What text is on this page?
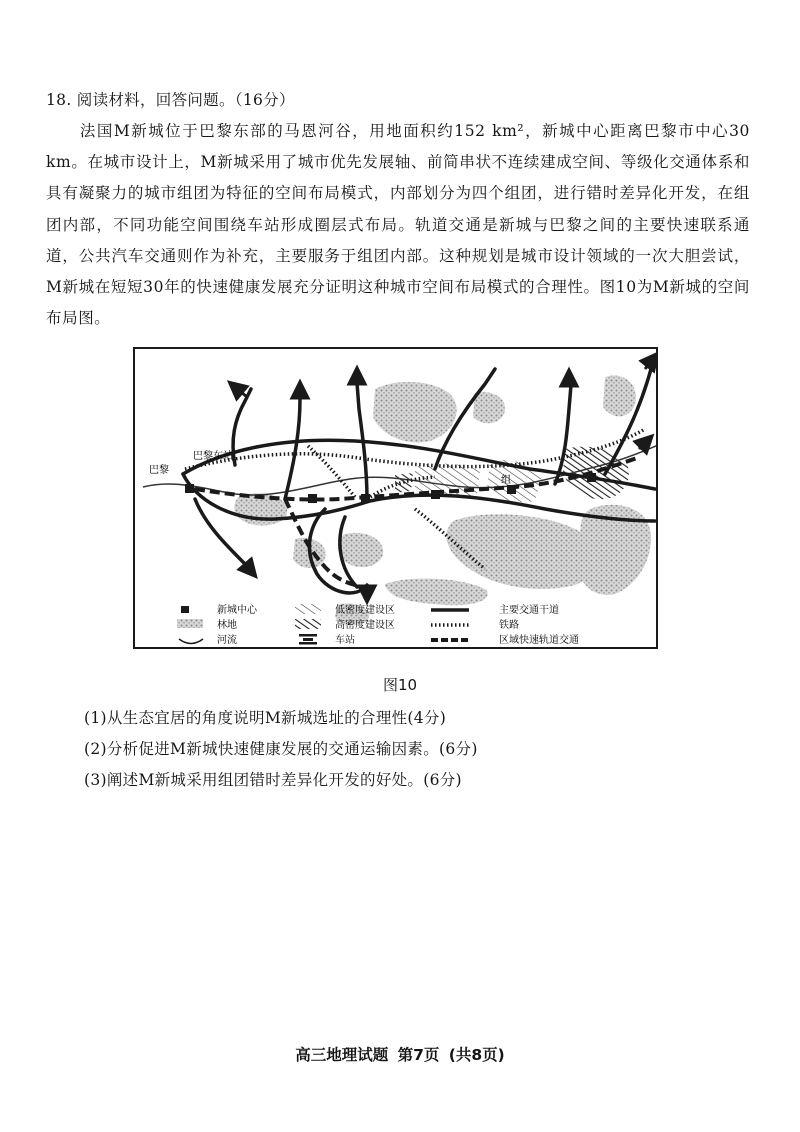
18. 阅读材料，回答问题。（16分）
法国M新城位于巴黎东部的马恩河谷，用地面积约152 km²，新城中心距离巴黎市中心30 km。在城市设计上，M新城采用了城市优先发展轴、前简串状不连续建成空间、等级化交通体系和具有凝聚力的城市组团为特征的空间布局模式，内部划分为四个组团，进行错时差异化开发，在组团内部，不同功能空间围绕车站形成圈层式布局。轨道交通是新城与巴黎之间的主要快速联系通道，公共汽车交通则作为补充，主要服务于组团内部。这种规划是城市设计领域的一次大胆尝试，M新城在短短30年的快速健康发展充分证明这种城市空间布局模式的合理性。图10为M新城的空间布局图。
巴黎东站
巴黎
组
新城中心	低密度建设区	主要交通干道
林地	高密度建设区	铁路
河流	车站	区域快速轨道交通
图10
(1)从生态宜居的角度说明M新城选址的合理性(4分)
(2)分析促进M新城快速健康发展的交通运输因素。(6分)
(3)阐述M新城采用组团错时差异化开发的好处。(6分)
高三地理试题 第7页 (共8页)
